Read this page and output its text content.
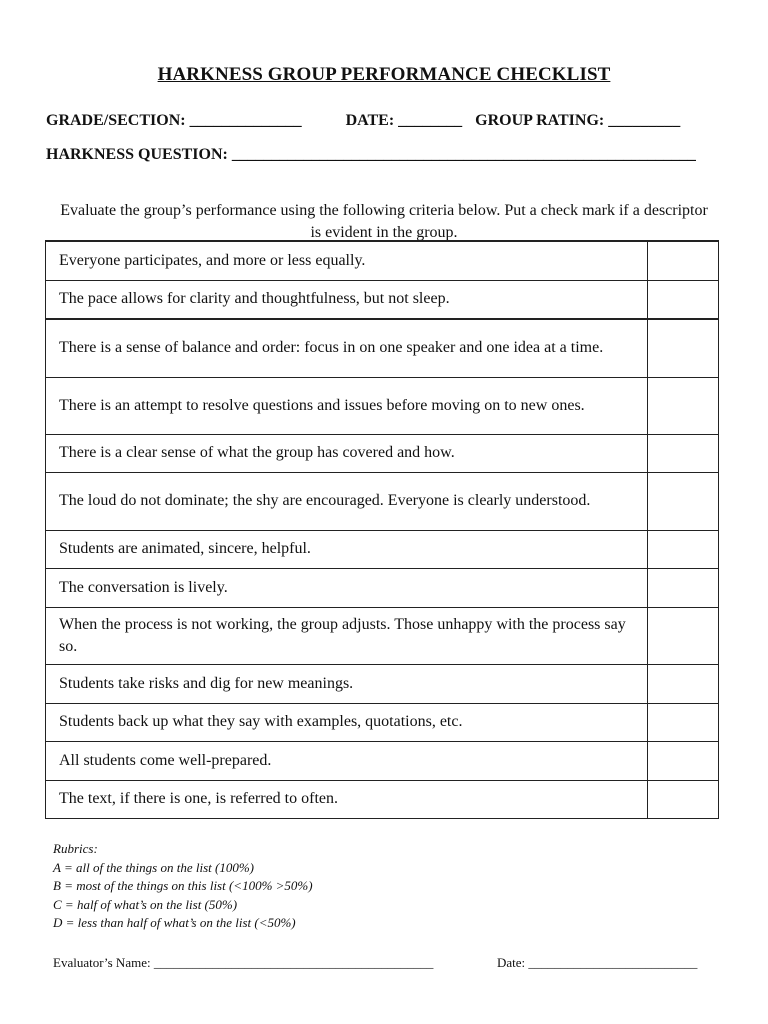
HARKNESS GROUP PERFORMANCE CHECKLIST
GRADE/SECTION: ______________	DATE: ________ GROUP RATING: _________
HARKNESS QUESTION: __________________________________________________________
Evaluate the group’s performance using the following criteria below. Put a check mark if a descriptor is evident in the group.
Everyone participates, and more or less equally.	
The pace allows for clarity and thoughtfulness, but not sleep.	
There is a sense of balance and order: focus in on one speaker and one idea at a time.	
There is an attempt to resolve questions and issues before moving on to new ones.	
There is a clear sense of what the group has covered and how.	
The loud do not dominate; the shy are encouraged. Everyone is clearly understood.	
Students are animated, sincere, helpful.	
The conversation is lively.	
When the process is not working, the group adjusts. Those unhappy with the process say so.	
Students take risks and dig for new meanings.	
Students back up what they say with examples, quotations, etc.	
All students come well-prepared.	
The text, if there is one, is referred to often.	
Rubrics:
A = all of the things on the list (100%)
B = most of the things on this list (<100% >50%)
C = half of what’s on the list (50%)
D = less than half of what’s on the list (<50%)
Evaluator’s Name: ___________________________________________	Date: __________________________
